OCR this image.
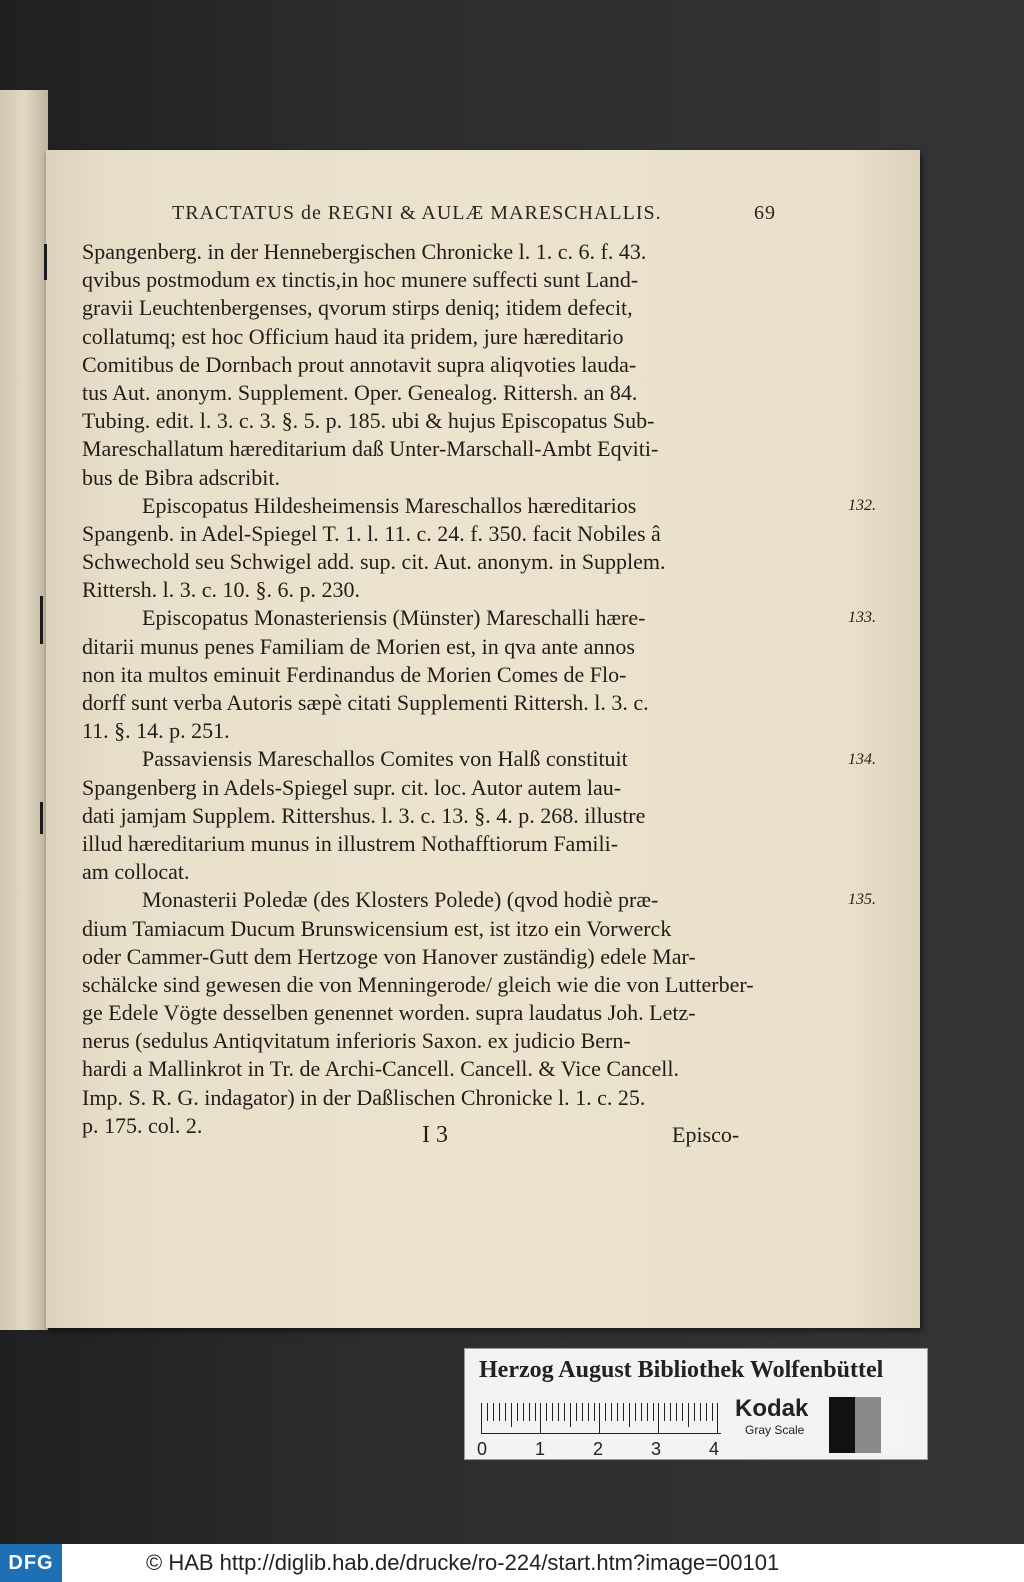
TRACTATUS de REGNI & AULÆ MARESCHALLIS.	69
Spangenberg. in der Hennebergischen Chronicke l. 1. c. 6. f. 43.
qvibus postmodum ex tinctis,in hoc munere suffecti sunt Land-
gravii Leuchtenbergenses, qvorum stirps deniq; itidem defecit,
collatumq; est hoc Officium haud ita pridem, jure hæreditario
Comitibus de Dornbach prout annotavit supra aliqvoties lauda-
tus Aut. anonym. Supplement. Oper. Genealog. Rittersh. an 84.
Tubing. edit. l. 3. c. 3. §. 5. p. 185. ubi & hujus Episcopatus Sub-
Mareschallatum hæreditarium daß Unter-Marschall-Ambt Eqviti-
bus de Bibra adscribit.
Episcopatus Hildesheimensis Mareschallos hæreditarios
Spangenb. in Adel-Spiegel T. 1. l. 11. c. 24. f. 350. facit Nobiles â
Schwechold seu Schwigel add. sup. cit. Aut. anonym. in Supplem.
Rittersh. l. 3. c. 10. §. 6. p. 230.
Episcopatus Monasteriensis (Münster) Mareschalli hære-
ditarii munus penes Familiam de Morien est, in qva ante annos
non ita multos eminuit Ferdinandus de Morien Comes de Flo-
dorff sunt verba Autoris sæpè citati Supplementi Rittersh. l. 3. c.
11. §. 14. p. 251.
Passaviensis Mareschallos Comites von Halß constituit
Spangenberg in Adels-Spiegel supr. cit. loc. Autor autem lau-
dati jamjam Supplem. Rittershus. l. 3. c. 13. §. 4. p. 268. illustre
illud hæreditarium munus in illustrem Nothafftiorum Famili-
am collocat.
Monasterii Poledæ (des Klosters Polede) (qvod hodiè præ-
dium Tamiacum Ducum Brunswicensium est, ist itzo ein Vorwerck
oder Cammer-Gutt dem Hertzoge von Hanover zuständig) edele Mar-
schälcke sind gewesen die von Menningerode/ gleich wie die von Lutterber-
ge Edele Vögte desselben genennet worden. supra laudatus Joh. Letz-
nerus (sedulus Antiqvitatum inferioris Saxon. ex judicio Bern-
hardi a Mallinkrot in Tr. de Archi-Cancell. Cancell. & Vice Cancell.
Imp. S. R. G. indagator) in der Daßlischen Chronicke l. 1. c. 25.
p. 175. col. 2.
132.
133.
134.
135.
I 3	Episco-
Herzog August Bibliothek Wolfenbüttel
0	1	2	3	4
Kodak
Gray Scale
DFG	© HAB http://diglib.hab.de/drucke/ro-224/start.htm?image=00101
